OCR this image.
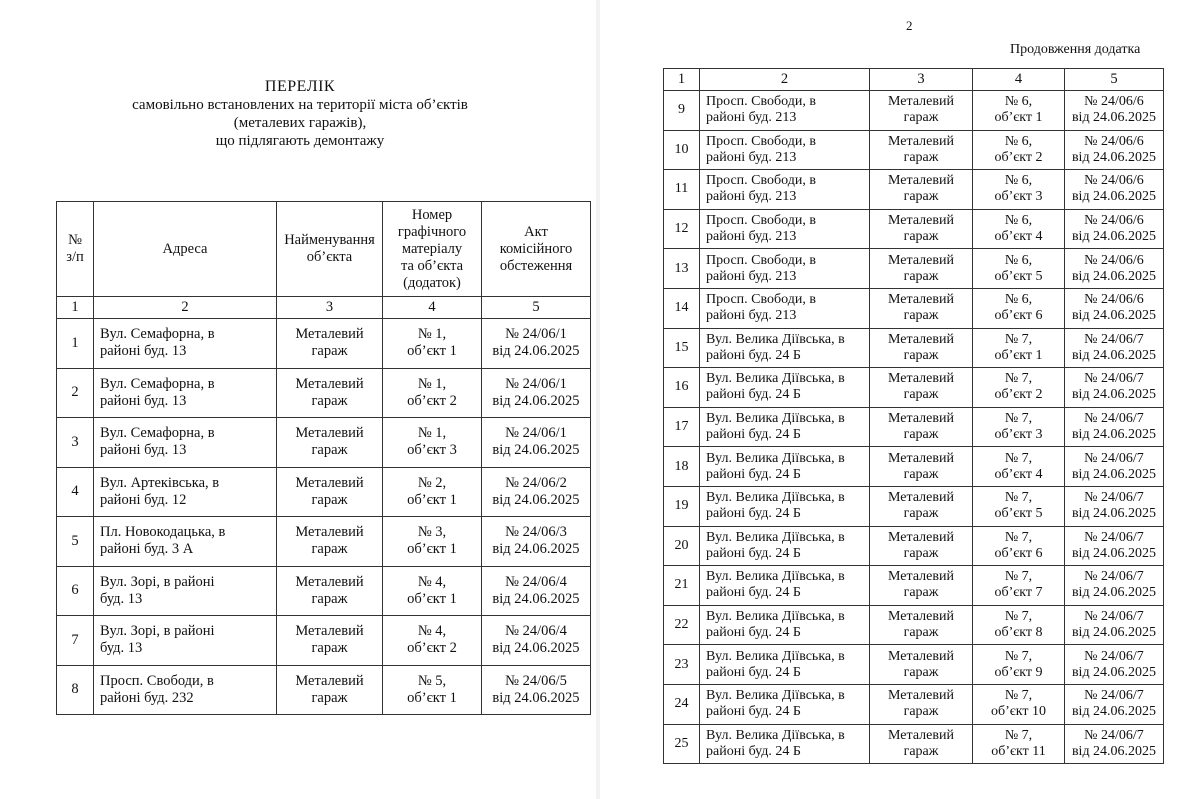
ПЕРЕЛІК
самовільно встановлених на території міста об’єктів
(металевих гаражів),
що підлягають демонтажу
№
з/п	Адреса	Найменування
об’єкта	Номер
графічного
матеріалу
та об’єкта
(додаток)	Акт
комісійного
обстеження

1	2	3	4	5

1	Вул. Семафорна, в
районі буд. 13	Металевий
гараж	№ 1,
об’єкт 1	№ 24/06/1
від 24.06.2025

2	Вул. Семафорна, в
районі буд. 13	Металевий
гараж	№ 1,
об’єкт 2	№ 24/06/1
від 24.06.2025

3	Вул. Семафорна, в
районі буд. 13	Металевий
гараж	№ 1,
об’єкт 3	№ 24/06/1
від 24.06.2025

4	Вул. Артеківська, в
районі буд. 12	Металевий
гараж	№ 2,
об’єкт 1	№ 24/06/2
від 24.06.2025

5	Пл. Новокодацька, в
районі буд. 3 А	Металевий
гараж	№ 3,
об’єкт 1	№ 24/06/3
від 24.06.2025

6	Вул. Зорі, в районі
буд. 13	Металевий
гараж	№ 4,
об’єкт 1	№ 24/06/4
від 24.06.2025

7	Вул. Зорі, в районі
буд. 13	Металевий
гараж	№ 4,
об’єкт 2	№ 24/06/4
від 24.06.2025

8	Просп. Свободи, в
районі буд. 232	Металевий
гараж	№ 5,
об’єкт 1	№ 24/06/5
від 24.06.2025
2
Продовження додатка
1	2	3	4	5

9	Просп. Свободи, в
районі буд. 213	Металевий
гараж	№ 6,
об’єкт 1	№ 24/06/6
від 24.06.2025

10	Просп. Свободи, в
районі буд. 213	Металевий
гараж	№ 6,
об’єкт 2	№ 24/06/6
від 24.06.2025

11	Просп. Свободи, в
районі буд. 213	Металевий
гараж	№ 6,
об’єкт 3	№ 24/06/6
від 24.06.2025

12	Просп. Свободи, в
районі буд. 213	Металевий
гараж	№ 6,
об’єкт 4	№ 24/06/6
від 24.06.2025

13	Просп. Свободи, в
районі буд. 213	Металевий
гараж	№ 6,
об’єкт 5	№ 24/06/6
від 24.06.2025

14	Просп. Свободи, в
районі буд. 213	Металевий
гараж	№ 6,
об’єкт 6	№ 24/06/6
від 24.06.2025

15	Вул. Велика Діївська, в
районі буд. 24 Б	Металевий
гараж	№ 7,
об’єкт 1	№ 24/06/7
від 24.06.2025

16	Вул. Велика Діївська, в
районі буд. 24 Б	Металевий
гараж	№ 7,
об’єкт 2	№ 24/06/7
від 24.06.2025

17	Вул. Велика Діївська, в
районі буд. 24 Б	Металевий
гараж	№ 7,
об’єкт 3	№ 24/06/7
від 24.06.2025

18	Вул. Велика Діївська, в
районі буд. 24 Б	Металевий
гараж	№ 7,
об’єкт 4	№ 24/06/7
від 24.06.2025

19	Вул. Велика Діївська, в
районі буд. 24 Б	Металевий
гараж	№ 7,
об’єкт 5	№ 24/06/7
від 24.06.2025

20	Вул. Велика Діївська, в
районі буд. 24 Б	Металевий
гараж	№ 7,
об’єкт 6	№ 24/06/7
від 24.06.2025

21	Вул. Велика Діївська, в
районі буд. 24 Б	Металевий
гараж	№ 7,
об’єкт 7	№ 24/06/7
від 24.06.2025

22	Вул. Велика Діївська, в
районі буд. 24 Б	Металевий
гараж	№ 7,
об’єкт 8	№ 24/06/7
від 24.06.2025

23	Вул. Велика Діївська, в
районі буд. 24 Б	Металевий
гараж	№ 7,
об’єкт 9	№ 24/06/7
від 24.06.2025

24	Вул. Велика Діївська, в
районі буд. 24 Б	Металевий
гараж	№ 7,
об’єкт 10	№ 24/06/7
від 24.06.2025

25	Вул. Велика Діївська, в
районі буд. 24 Б	Металевий
гараж	№ 7,
об’єкт 11	№ 24/06/7
від 24.06.2025
